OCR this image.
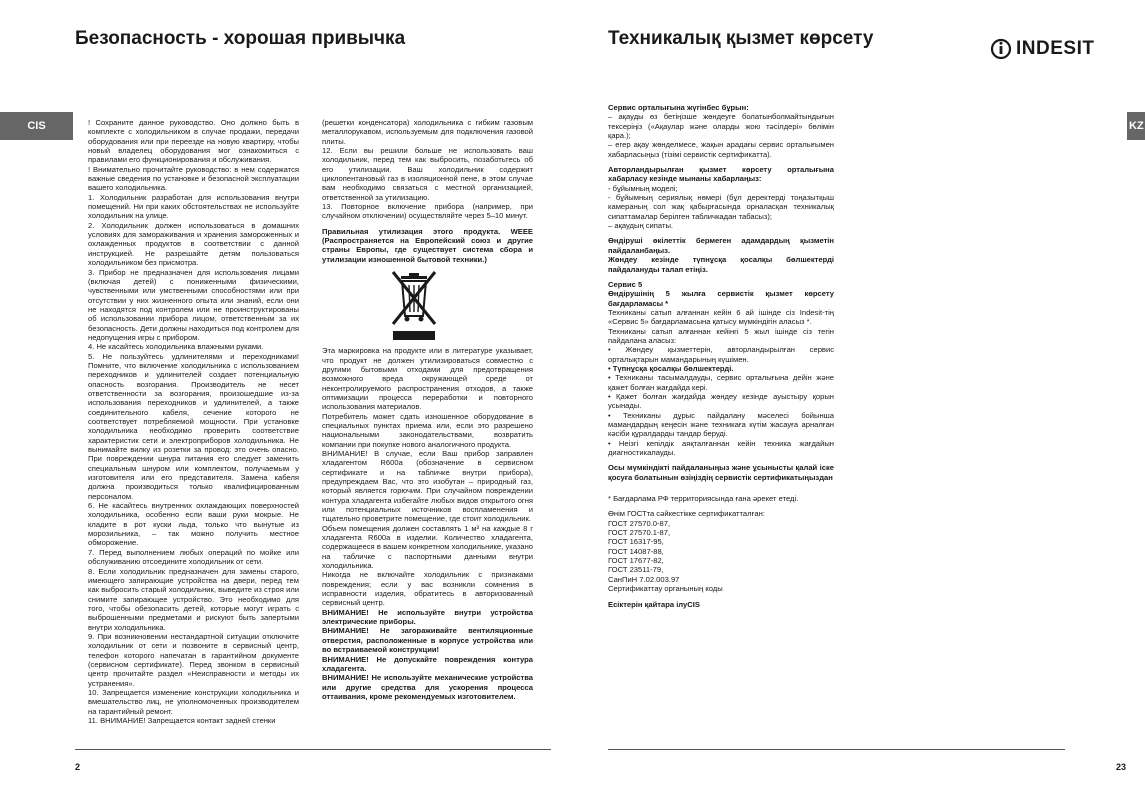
Безопасность - хорошая привычка	Техникалық қызмет көрсету	INDESIT
CIS	KZ

! Сохраните данное руководство. Оно должно быть в комплекте с холодильником в случае продажи, передачи оборудования или при переезде на новую квартиру, чтобы новый владелец оборудования мог ознакомиться с правилами его функционирования и обслуживания.

! Внимательно прочитайте руководство: в нем содержатся важные сведения по установке и безопасной эксплуатации вашего холодильника.

1. Холодильник разработан для использования внутри помещений. Ни при каких обстоятельствах не используйте холодильник на улице.

2. Холодильник должен использоваться в домашних условиях для замораживания и хранения замороженных и охлажденных продуктов в соответствии с данной инструкцией. Не разрешайте детям пользоваться холодильником без присмотра.

3. Прибор не предназначен для использования лицами (включая детей) с пониженными физическими, чувственными или умственными способностями или при отсутствии у них жизненного опыта или знаний, если они не находятся под контролем или не проинструктированы об использовании прибора лицом, ответственным за их безопасность. Дети должны находиться под контролем для недопущения игры с прибором.

4. Не касайтесь холодильника влажными руками.

5. Не пользуйтесь удлинителями и переходниками! Помните, что включение холодильника с использованием переходников и удлинителей создает потенциальную опасность возгорания. Производитель не несет ответственности за возгорания, произошедшие из-за использования переходников и удлинителей, а также соединительного кабеля, сечение которого не соответствует потребляемой мощности. При установке холодильника необходимо проверить соответствие характеристик сети и электроприборов холодильника. Не вынимайте вилку из розетки за провод: это очень опасно. При повреждении шнура питания его следует заменить специальным шнуром или комплектом, получаемым у изготовителя или его представителя. Замена кабеля должна производиться только квалифицированным персоналом.

6. Не касайтесь внутренних охлаждающих поверхностей холодильника, особенно если ваши руки мокрые. Не кладите в рот куски льда, только что вынутые из морозильника, – так можно получить местное обморожение.

7. Перед выполнением любых операций по мойке или обслуживанию отсоедините холодильник от сети.

8. Если холодильник предназначен для замены старого, имеющего запирающие устройства на двери, перед тем как выбросить старый холодильник, выведите из строя или снимите запирающее устройство. Это необходимо для того, чтобы обезопасить детей, которые могут играть с выброшенными предметами и рискуют быть запертыми внутри холодильника.

9. При возникновении нестандартной ситуации отключите холодильник от сети и позвоните в сервисный центр, телефон которого напечатан в гарантийном документе (сервисном сертификате). Перед звонком в сервисный центр прочитайте раздел «Неисправности и методы их устранения».

10. Запрещается изменение конструкции холодильника и вмешательство лиц, не уполномоченных производителем на гарантийный ремонт.

11. ВНИМАНИЕ! Запрещается контакт задней стенки

(решетки конденсатора) холодильника с гибким газовым металлорукавом, используемым для подключения газовой плиты.

12. Если вы решили больше не использовать ваш холодильник, перед тем как выбросить, позаботьтесь об его утилизации. Ваш холодильник содержит циклопентановый газ в изоляционной пене, в этом случае вам необходимо связаться с местной организацией, ответственной за утилизацию.

13. Повторное включение прибора (например, при случайном отключении) осуществляйте через 5–10 минут.

Правильная утилизация этого продукта. WEEE (Распространяется на Европейский союз и другие страны Европы, где существует система сбора и утилизации изношенной бытовой техники.)

Эта маркировка на продукте или в литературе указывает, что продукт не должен утилизироваться совместно с другими бытовыми отходами для предотвращения возможного вреда окружающей среде от неконтролируемого распространения отходов, а также оптимизации процесса переработки и повторного использования материалов.

Потребитель может сдать изношенное оборудование в специальных пунктах приема или, если это разрешено национальными законодательствами, возвратить компании при покупке нового аналогичного продукта.

ВНИМАНИЕ! В случае, если Ваш прибор заправлен хладагентом R600a (обозначение в сервисном сертификате и на табличке внутри прибора), предупреждаем Вас, что это изобутан – природный газ, который является горючим. При случайном повреждении контура хладагента избегайте любых видов открытого огня или потенциальных источников воспламенения и тщательно проветрите помещение, где стоит холодильник.

Объем помещения должен составлять 1 м³ на каждые 8 г хладагента R600a в изделии. Количество хладагента, содержащееся в вашем конкретном холодильнике, указано на табличке с паспортными данными внутри холодильника.

Никогда не включайте холодильник с признаками повреждения; если у вас возникли сомнения в исправности изделия, обратитесь в авторизованный сервисный центр.

ВНИМАНИЕ! Не используйте внутри устройства электрические приборы.

ВНИМАНИЕ! Не загораживайте вентиляционные отверстия, расположенные в корпусе устройства или во встраиваемой конструкции!

ВНИМАНИЕ! Не допускайте повреждения контура хладагента.

ВНИМАНИЕ! Не используйте механические устройства или другие средства для ускорения процесса оттаивания, кроме рекомендуемых изготовителем.

Сервис орталығына жүгінбес бұрын:

– ақауды өз бетіңізше жөндеуге болатынболмайтындығын тексеріңіз («Ақаулар және оларды жою тәсілдері» бөлімін қара.);

– егер ақау жөнделмесе, жақын арадағы сервис орталығымен хабарласыңыз (тізімі сервистік сертификатта).

Авторландырылған қызмет көрсету орталығына хабарласу кезінде мынаны хабарлаңыз:

- бұйымның моделі;

- бұйымның сериялық нөмері (бұл деректерді тоңазытқыш камераның сол жақ қабырғасында орналасқан техникалық сипаттамалар берілген табличкадан табасыз);

– ақаудың сипаты.

Өндіруші өкілеттік бермеген адамдардың қызметін пайдаланбаңыз.

Жөндеу кезінде түпнұсқа қосалқы бөлшектерді пайдалануды талап етіңіз.

Сервис 5

Өндірушінің 5 жылға сервистік қызмет көрсету бағдарламасы *

Техниканы сатып алғаннан кейін 6 ай ішінде сіз Indesit-тің «Сервис 5» бағдарламасына қатысу мүмкіндігін аласыз *.

Техниканы сатып алғаннан кейінгі 5 жыл ішінде сіз тегін пайдалана аласыз:

• Жөндеу қызметтерін, авторландырылған сервис орталықтарын мамандарының күшімен.

• Түпнұсқа қосалқы бөлшектерді.

• Техниканы тасымалдауды, сервис орталығына дейін және қажет болған жағдайда кері.

• Қажет болған жағдайда жөндеу кезінде ауыстыру қорын усынады.

• Техниканы дұрыс пайдалану мәселесі бойынша мамандардың кеңесін және техникаға күтім жасауға арналған кәсіби құралдарды тандар беруді.

• Неізгі кепілдік аяқталғаннан кейін техника жағдайын диагностикалауды.

Осы мүмкіндікті пайдаланыңыз және ұсынысты қалай іске қосуға болатынын өзіңіздің сервистік сертификатыңыздан

* Бағдарлама РФ территориясында ғана әрекет етеді.

Өнім ГОСТта сәйкестікке сертификатталған:

ГОСТ 27570.0-87,

ГОСТ 27570.1-87,

ГОСТ 16317-95,

ГОСТ 14087-88,

ГОСТ 17677-82,

ГОСТ 23511-79,

СанПиН 7.02.003.97

Сертификаттау органының коды

Есіктерін қайтара ілуCIS

2	23
